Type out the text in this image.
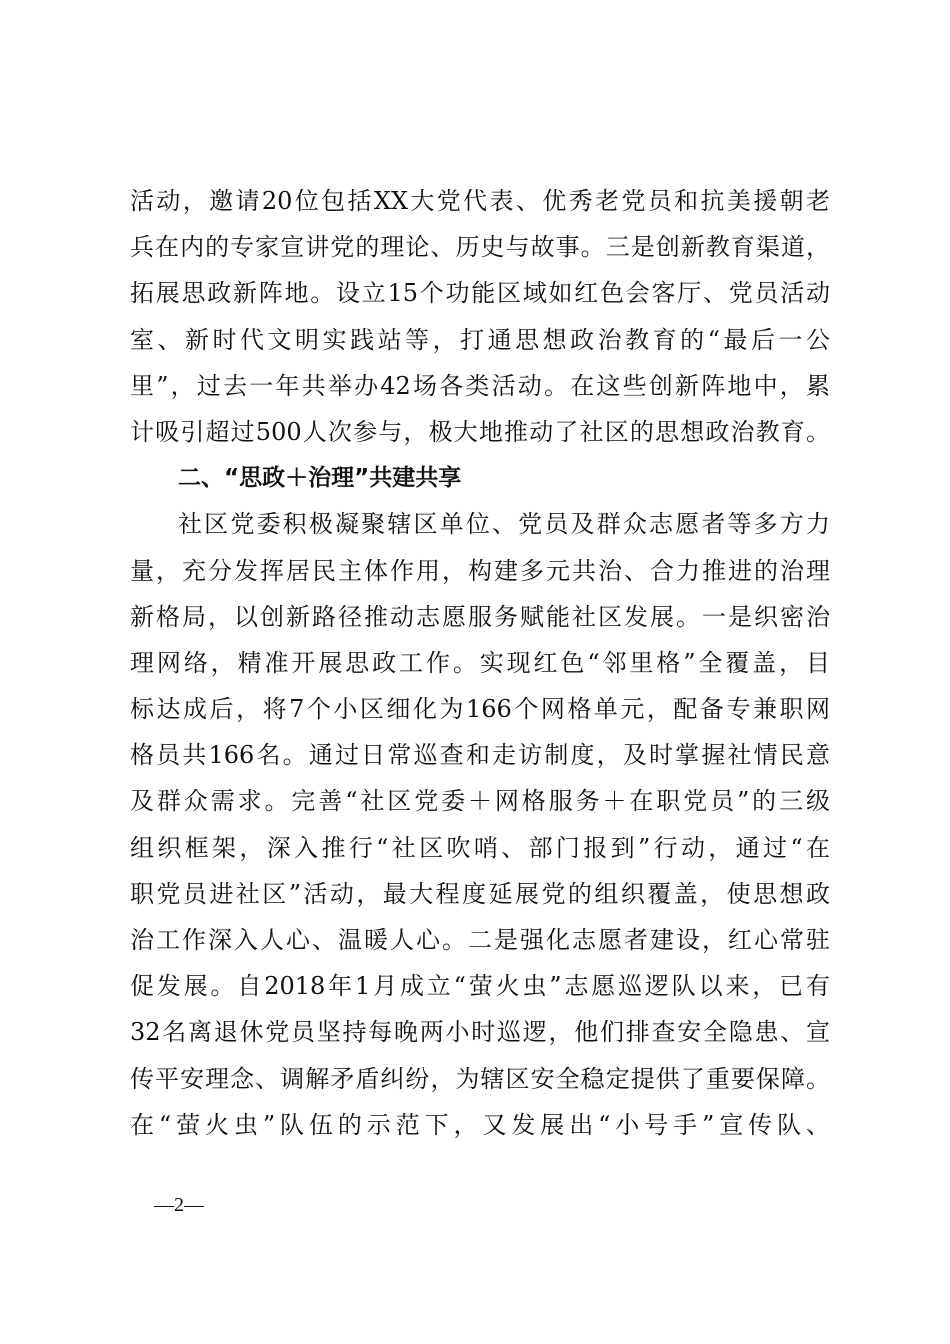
活动，邀请20位包括XX大党代表、优秀老党员和抗美援朝老
兵在内的专家宣讲党的理论、历史与故事。三是创新教育渠道，
拓展思政新阵地。设立15个功能区域如红色会客厅、党员活动
室、新时代文明实践站等，打通思想政治教育的“最后一公
里”，过去一年共举办42场各类活动。在这些创新阵地中，累
计吸引超过500人次参与，极大地推动了社区的思想政治教育。
二、“思政＋治理”共建共享
社区党委积极凝聚辖区单位、党员及群众志愿者等多方力
量，充分发挥居民主体作用，构建多元共治、合力推进的治理
新格局，以创新路径推动志愿服务赋能社区发展。一是织密治
理网络，精准开展思政工作。实现红色“邻里格”全覆盖，目
标达成后，将7个小区细化为166个网格单元，配备专兼职网
格员共166名。通过日常巡查和走访制度，及时掌握社情民意
及群众需求。完善“社区党委＋网格服务＋在职党员”的三级
组织框架，深入推行“社区吹哨、部门报到”行动，通过“在
职党员进社区”活动，最大程度延展党的组织覆盖，使思想政
治工作深入人心、温暖人心。二是强化志愿者建设，红心常驻
促发展。自2018年1月成立“萤火虫”志愿巡逻队以来，已有
32名离退休党员坚持每晚两小时巡逻，他们排查安全隐患、宣
传平安理念、调解矛盾纠纷，为辖区安全稳定提供了重要保障。
在“萤火虫”队伍的示范下，又发展出“小号手”宣传队、
—2—
